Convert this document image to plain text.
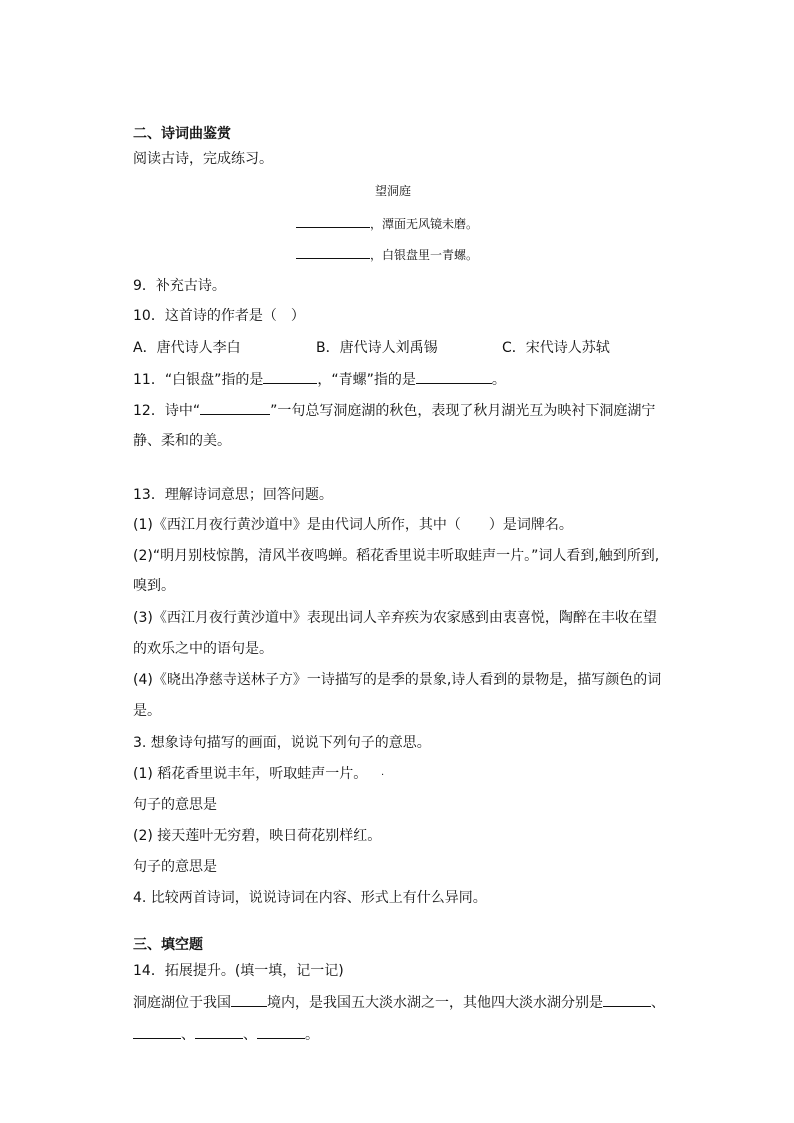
二、诗词曲鉴赏
阅读古诗，完成练习。
望洞庭
，潭面无风镜未磨。
，白银盘里一青螺。
9．补充古诗。
10．这首诗的作者是（　）
A．唐代诗人李白	B．唐代诗人刘禹锡	C．宋代诗人苏轼
11．“白银盘”指的是	，“青螺”指的是	。
12．诗中“	”一句总写洞庭湖的秋色，表现了秋月湖光互为映衬下洞庭湖宁
静、柔和的美。
13．理解诗词意思；回答问题。
(1)《西江月夜行黄沙道中》是由代词人所作，其中（　　）是词牌名。
(2)“明月别枝惊鹊，清风半夜鸣蝉。稻花香里说丰听取蛙声一片。”词人看到,触到所到,
嗅到。
(3)《西江月夜行黄沙道中》表现出词人辛弃疾为农家感到由衷喜悦，陶醉在丰收在望
的欢乐之中的语句是。
(4)《晓出净慈寺送林子方》一诗描写的是季的景象,诗人看到的景物是，描写颜色的词
是。
3. 想象诗句描写的画面，说说下列句子的意思。
(1) 稻花香里说丰年，听取蛙声一片。 .
句子的意思是
(2) 接天莲叶无穷碧，映日荷花别样红。
句子的意思是
4. 比较两首诗词，说说诗词在内容、形式上有什么异同。
三、填空题
14．拓展提升。(填一填，记一记)
洞庭湖位于我国	境内，是我国五大淡水湖之一，其他四大淡水湖分别是	、
、	、	。
